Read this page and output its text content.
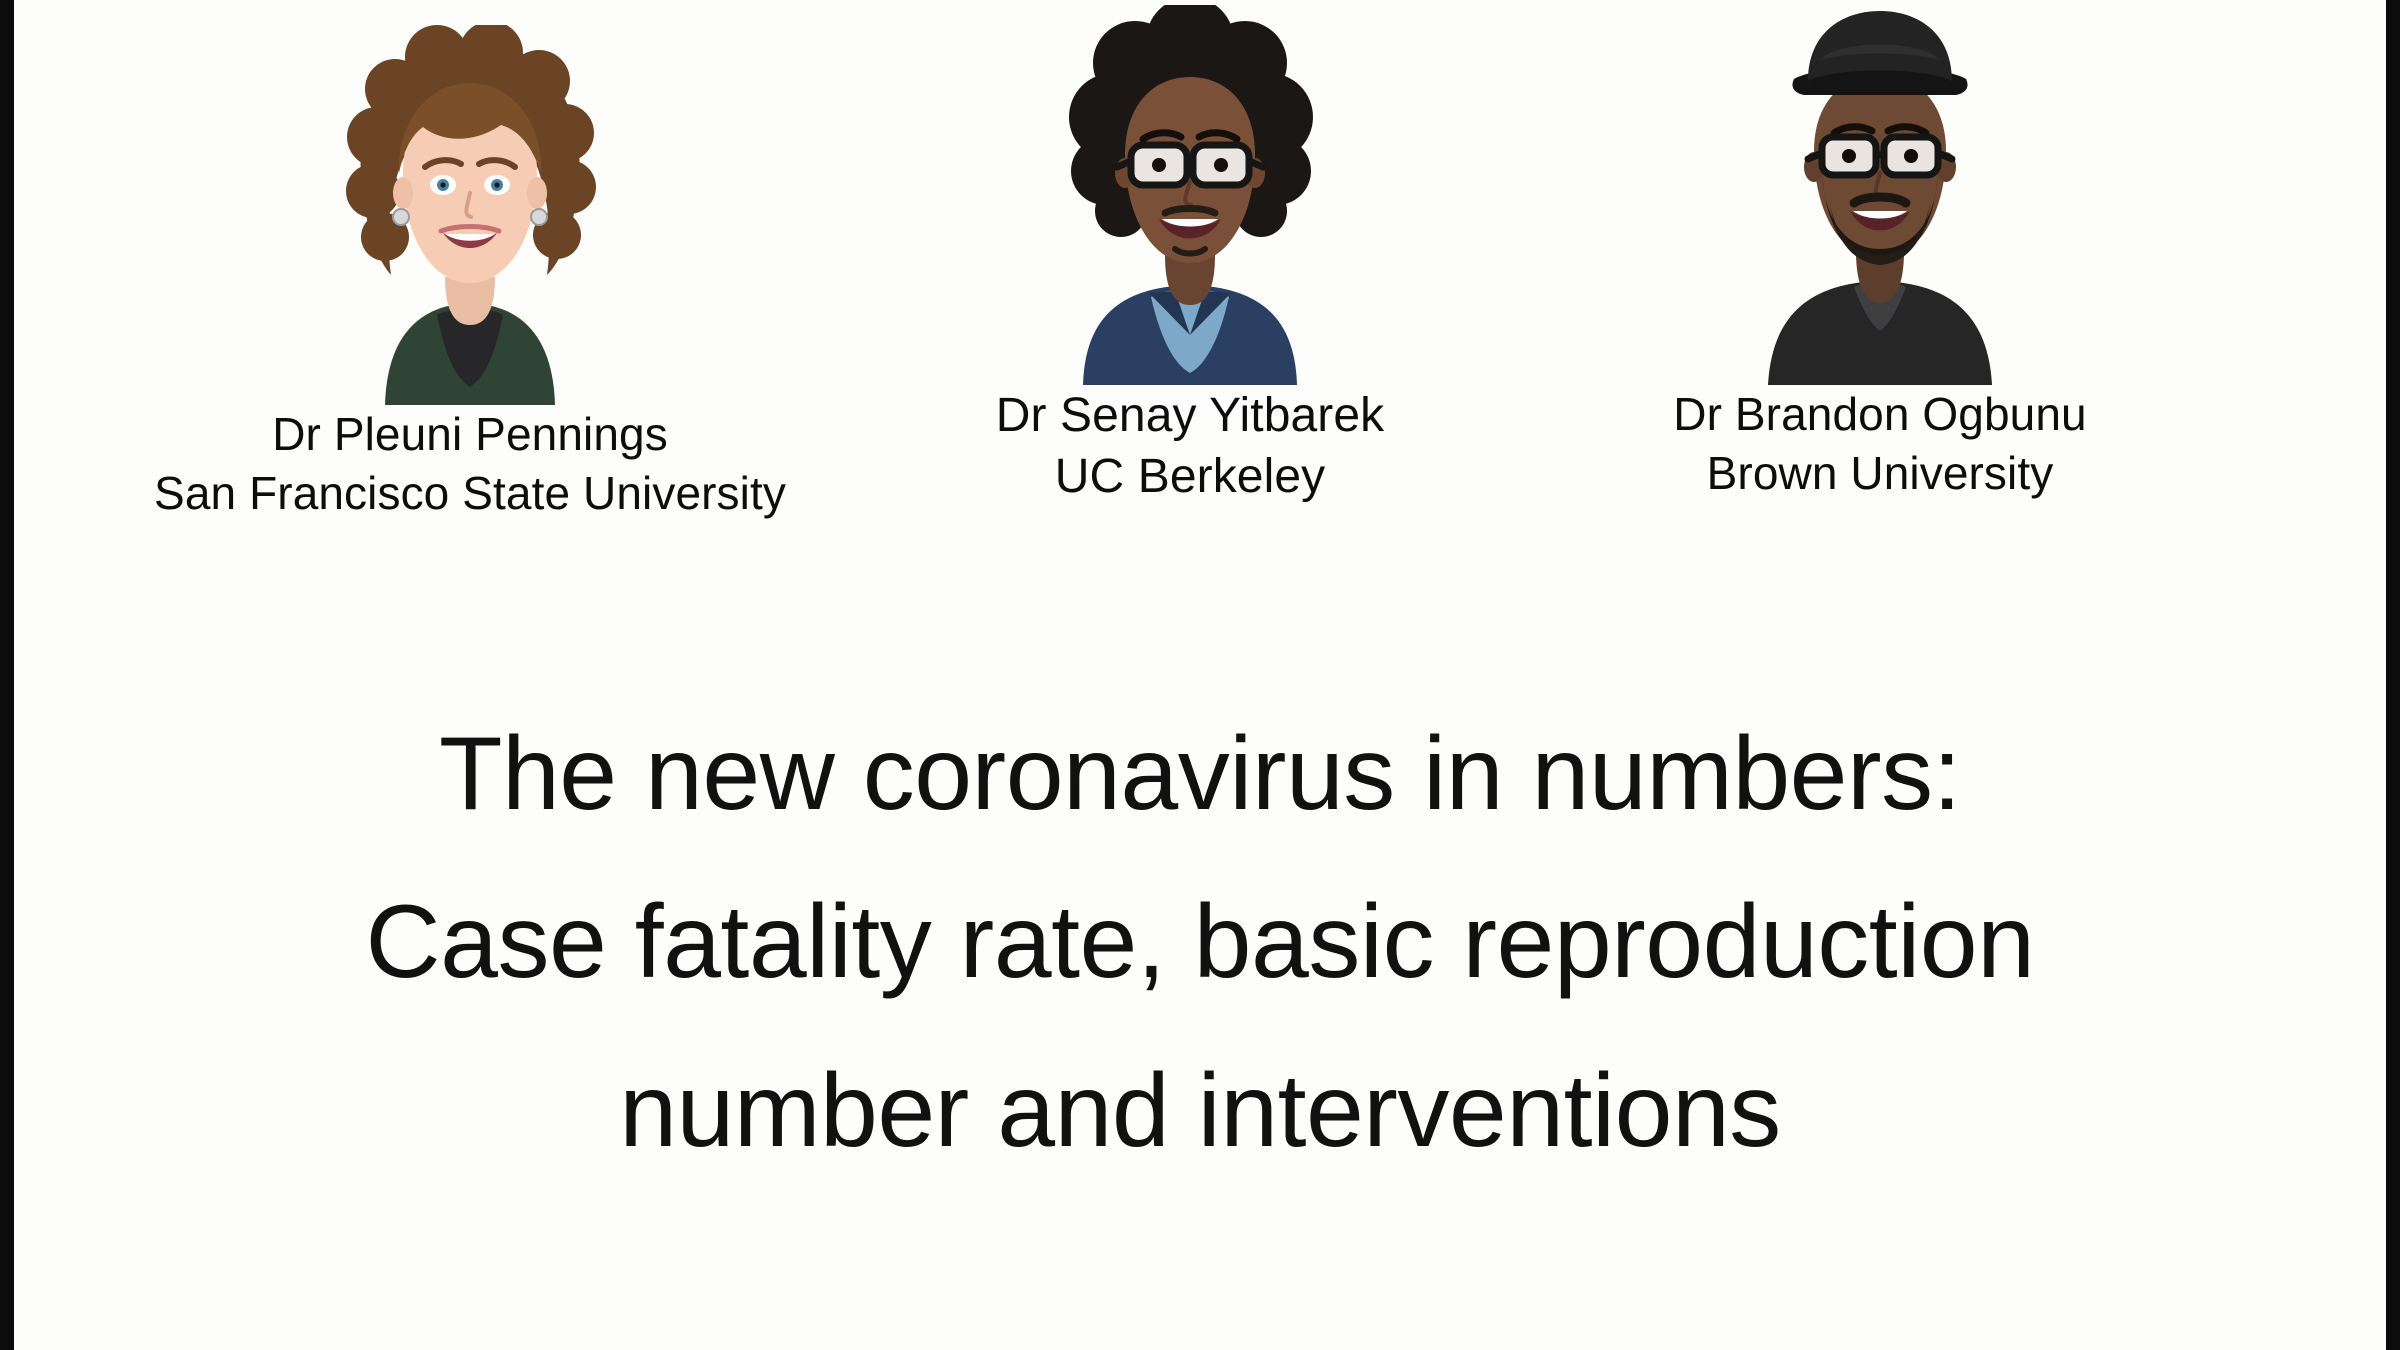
Dr Pleuni Pennings
San Francisco State University
Dr Senay Yitbarek
UC Berkeley
Dr Brandon Ogbunu
Brown University
The new coronavirus in numbers:
Case fatality rate, basic reproduction
number and interventions
